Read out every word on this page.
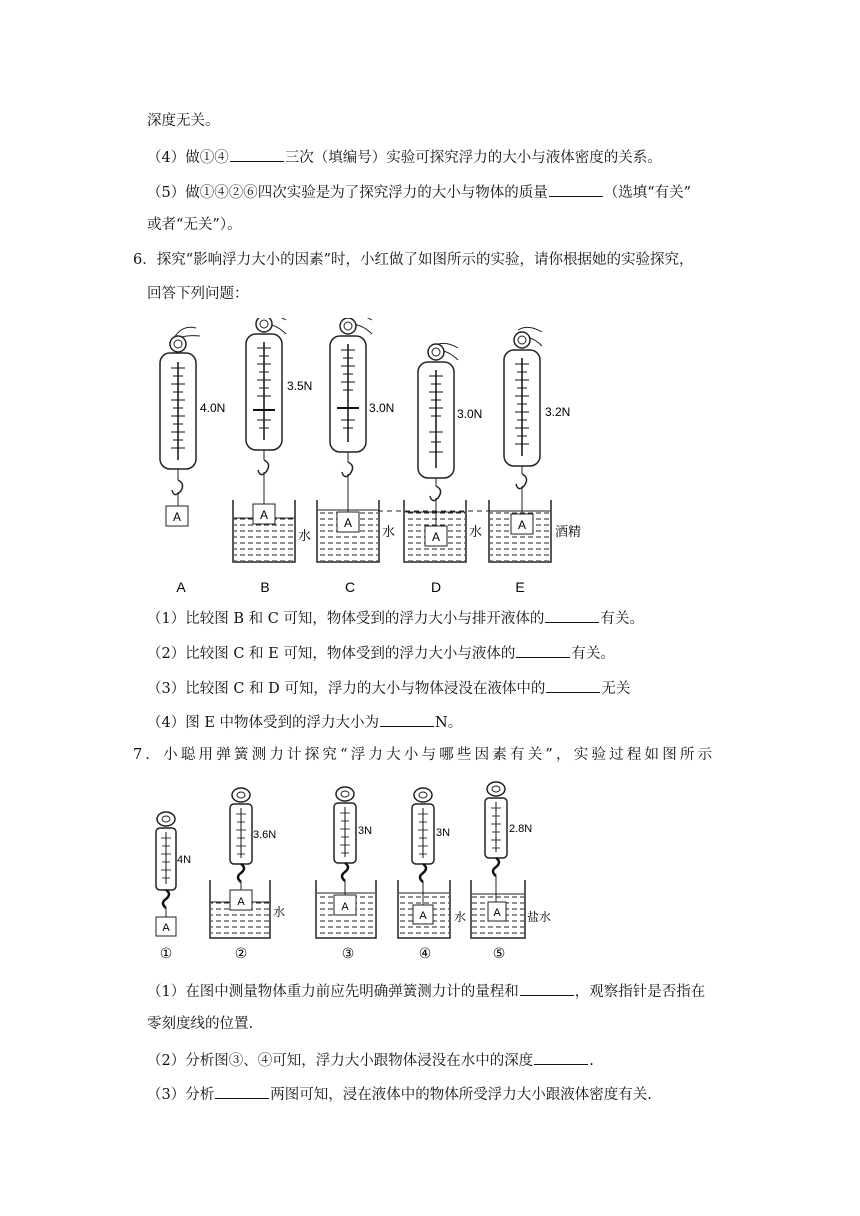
深度无关。
（4）做①④	三次（填编号）实验可探究浮力的大小与液体密度的关系。
（5）做①④②⑥四次实验是为了探究浮力的大小与物体的质量	（选填“有关”
或者“无关”）。
6．探究“影响浮力大小的因素”时，小红做了如图所示的实验，请你根据她的实验探究，
回答下列问题：
A
4.0N
A
3.5N
水
A
3.0N
水	A
3.0N
水	A
3.2N
酒精
A	B	C	D	E
（1）比较图 B 和 C 可知，物体受到的浮力大小与排开液体的	有关。
（2）比较图 C 和 E 可知，物体受到的浮力大小与液体的	有关。
（3）比较图 C 和 D 可知，浮力的大小与物体浸没在液体中的	无关
（4）图 E 中物体受到的浮力大小为	N。
7．小聪用弹簧测力计探究“浮力大小与哪些因素有关”，实验过程如图所示
A
4N
A
3.6N
水	A
3N
A
3N
水 A
2.8N
盐水
①	②	③	④	⑤
（1）在图中测量物体重力前应先明确弹簧测力计的量程和	，观察指针是否指在
零刻度线的位置.
（2）分析图③、④可知，浮力大小跟物体浸没在水中的深度	.
（3）分析	两图可知，浸在液体中的物体所受浮力大小跟液体密度有关.
